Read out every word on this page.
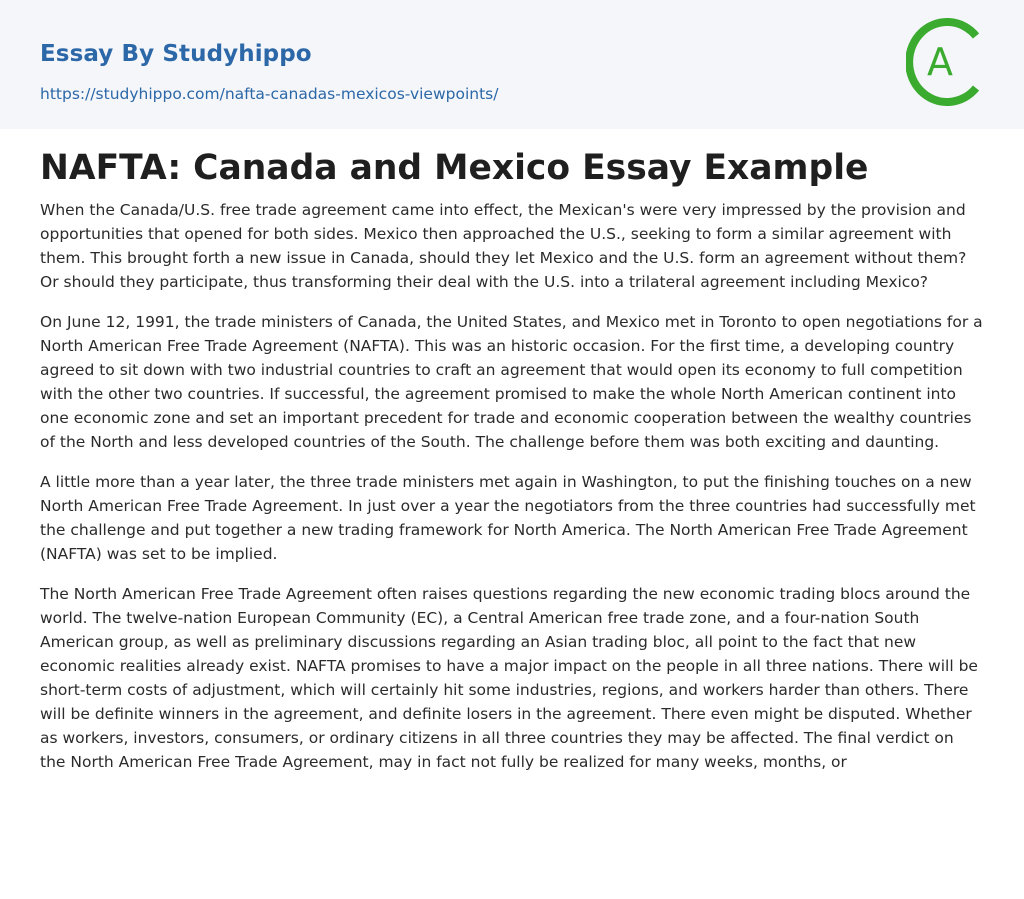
Essay By Studyhippo
https://studyhippo.com/nafta-canadas-mexicos-viewpoints/
A
NAFTA: Canada and Mexico Essay Example

When the Canada/U.S. free trade agreement came into effect, the Mexican's were very impressed by the provision and opportunities that opened for both sides. Mexico then approached the U.S., seeking to form a similar agreement with them. This brought forth a new issue in Canada, should they let Mexico and the U.S. form an agreement without them? Or should they participate, thus transforming their deal with the U.S. into a trilateral agreement including Mexico?

On June 12, 1991, the trade ministers of Canada, the United States, and Mexico met in Toronto to open negotiations for a North American Free Trade Agreement (NAFTA). This was an historic occasion. For the first time, a developing country agreed to sit down with two industrial countries to craft an agreement that would open its economy to full competition with the other two countries. If successful, the agreement promised to make the whole North American continent into one economic zone and set an important precedent for trade and economic cooperation between the wealthy countries of the North and less developed countries of the South. The challenge before them was both exciting and daunting.

A little more than a year later, the three trade ministers met again in Washington, to put the finishing touches on a new North American Free Trade Agreement. In just over a year the negotiators from the three countries had successfully met the challenge and put together a new trading framework for North America. The North American Free Trade Agreement (NAFTA) was set to be implied.

The North American Free Trade Agreement often raises questions regarding the new economic trading blocs around the world. The twelve-nation European Community (EC), a Central American free trade zone, and a four-nation South American group, as well as preliminary discussions regarding an Asian trading bloc, all point to the fact that new economic realities already exist. NAFTA promises to have a major impact on the people in all three nations. There will be short-term costs of adjustment, which will certainly hit some industries, regions, and workers harder than others. There will be definite winners in the agreement, and definite losers in the agreement. There even might be disputed. Whether as workers, investors, consumers, or ordinary citizens in all three countries they may be affected. The final verdict on the North American Free Trade Agreement, may in fact not fully be realized for many weeks, months, or
